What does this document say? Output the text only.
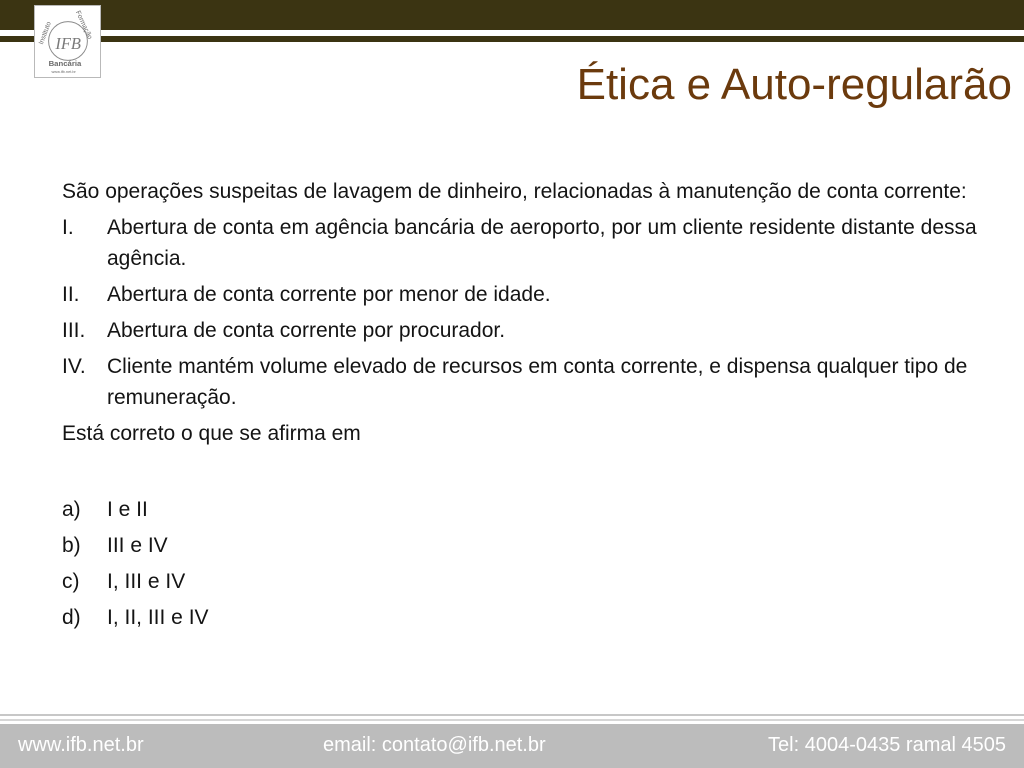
Instituto	Formação
IFB
Bancária
www.ifb.net.br	Ética e Auto-regularão
São operações suspeitas de lavagem de dinheiro, relacionadas à manutenção de conta corrente:
I.	Abertura de conta em agência bancária de aeroporto, por um cliente residente distante dessa agência.
II.	Abertura de conta corrente por menor de idade.
III.	Abertura de conta corrente por procurador.
IV.	Cliente mantém volume elevado de recursos em conta corrente, e dispensa qualquer tipo de remuneração.
Está correto o que se afirma em
a)	I e II
b)	III e IV
c)	I, III e IV
d)	I, II, III e IV
www.ifb.net.br	email: contato@ifb.net.br	Tel: 4004-0435 ramal 4505
